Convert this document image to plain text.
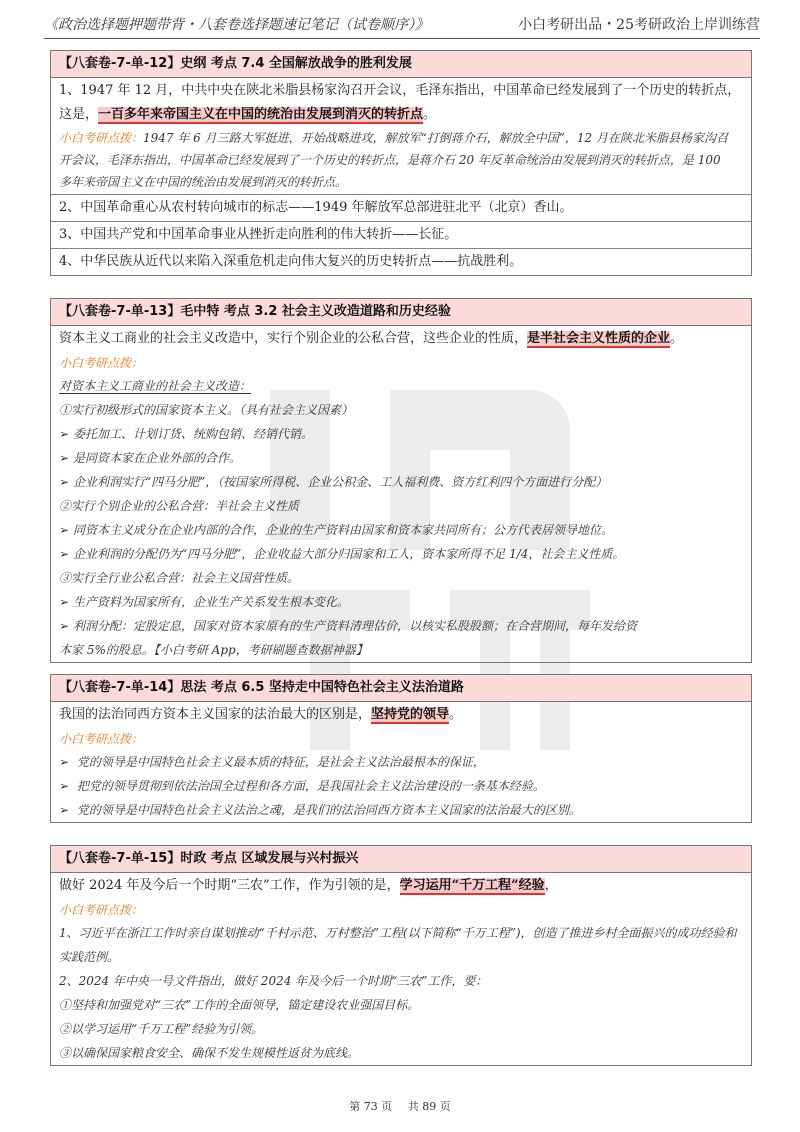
《政治选择题押题带背・八套卷选择题速记笔记（试卷顺序）》	小白考研出品・25考研政治上岸训练营
【八套卷-7-单-12】史纲 考点 7.4 全国解放战争的胜利发展
1、1947 年 12 月，中共中央在陕北米脂县杨家沟召开会议，毛泽东指出，中国革命已经发展到了一个历史的转折点，这是，一百多年来帝国主义在中国的统治由发展到消灭的转折点。
小白考研点拨：1947 年 6 月三路大军挺进，开始战略进攻，解放军“打倒蒋介石，解放全中国”，12 月在陕北米脂县杨家沟召开会议，毛泽东指出，中国革命已经发展到了一个历史的转折点，是蒋介石 20 年反革命统治由发展到消灭的转折点，是 100 多年来帝国主义在中国的统治由发展到消灭的转折点。
2、中国革命重心从农村转向城市的标志——1949 年解放军总部进驻北平（北京）香山。
3、中国共产党和中国革命事业从挫折走向胜利的伟大转折——长征。
4、中华民族从近代以来陷入深重危机走向伟大复兴的历史转折点——抗战胜利。
【八套卷-7-单-13】毛中特 考点 3.2 社会主义改造道路和历史经验
资本主义工商业的社会主义改造中，实行个别企业的公私合营，这些企业的性质，是半社会主义性质的企业。
小白考研点拨：
对资本主义工商业的社会主义改造：
①实行初级形式的国家资本主义。（具有社会主义因素）
➢ 委托加工、计划订货、统购包销、经销代销。
➢ 是同资本家在企业外部的合作。
➢ 企业利润实行“四马分肥”，（按国家所得税、企业公积金、工人福利费、资方红利四个方面进行分配）
②实行个别企业的公私合营：半社会主义性质
➢ 同资本主义成分在企业内部的合作，企业的生产资料由国家和资本家共同所有；公方代表居领导地位。
➢ 企业利润的分配仍为“四马分肥”，企业收益大部分归国家和工人，资本家所得不足 1/4，社会主义性质。
③实行全行业公私合营：社会主义国营性质。
➢ 生产资料为国家所有，企业生产关系发生根本变化。
➢ 利润分配：定股定息，国家对资本家原有的生产资料清理估价，以核实私股股额；在合营期间，每年发给资
本家 5%的股息。【小白考研 App，考研刷题查数据神器】
【八套卷-7-单-14】思法 考点 6.5 坚持走中国特色社会主义法治道路
我国的法治同西方资本主义国家的法治最大的区别是，坚持党的领导。
小白考研点拨：
➢ 党的领导是中国特色社会主义最本质的特征，是社会主义法治最根本的保证，
➢ 把党的领导贯彻到依法治国全过程和各方面，是我国社会主义法治建设的一条基本经验。
➢ 党的领导是中国特色社会主义法治之魂，是我们的法治同西方资本主义国家的法治最大的区别。
【八套卷-7-单-15】时政 考点 区域发展与兴村振兴
做好 2024 年及今后一个时期“三农”工作，作为引领的是，学习运用“千万工程”经验，
小白考研点拨：
1、习近平在浙江工作时亲自谋划推动“千村示范、万村整治”工程(以下简称“千万工程”)，创造了推进乡村全面振兴的成功经验和实践范例。
2、2024 年中央一号文件指出，做好 2024 年及今后一个时期“三农”工作，要：
①坚持和加强党对“三农”工作的全面领导，锚定建设农业强国目标。
②以学习运用“千万工程”经验为引领。
③以确保国家粮食安全、确保不发生规模性返贫为底线。
第 73 页 共 89 页
